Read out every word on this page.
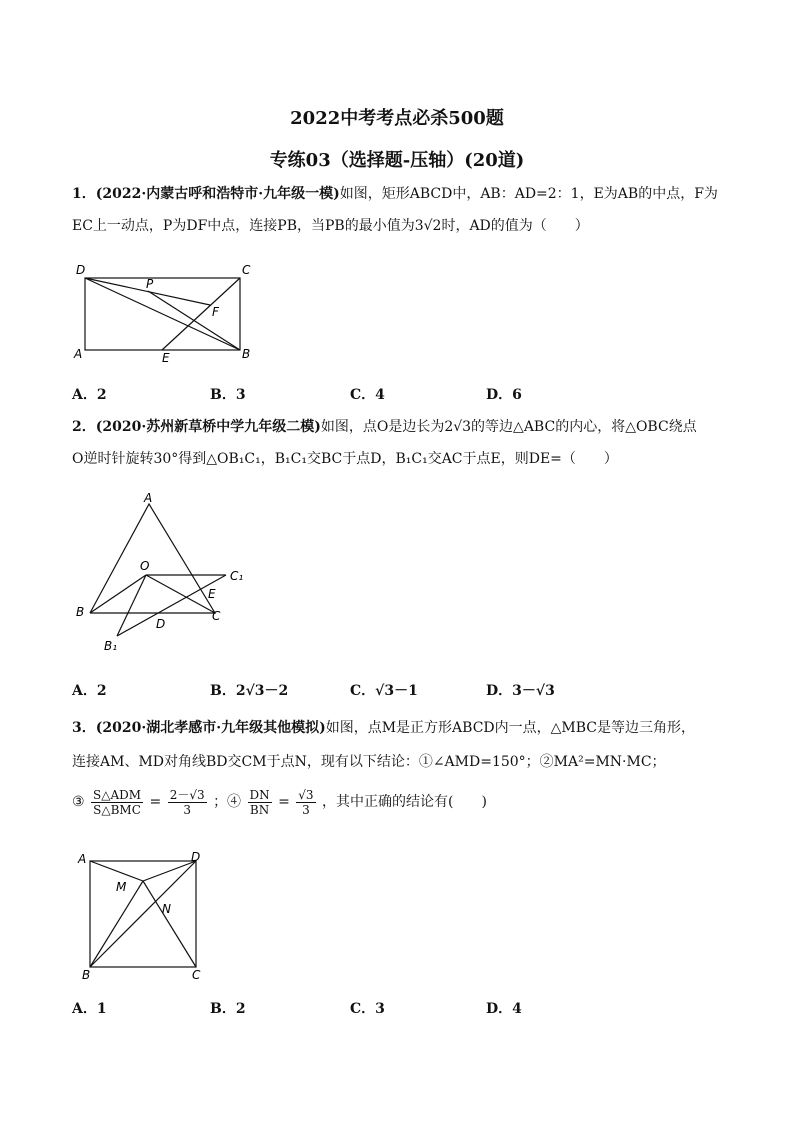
2022中考考点必杀500题
专练03（选择题-压轴）(20道)
1．(2022·内蒙古呼和浩特市·九年级一模)如图，矩形ABCD中，AB：AD=2：1，E为AB的中点，F为
EC上一动点，P为DF中点，连接PB，当PB的最小值为3√2时，AD的值为（　　）
D	C
P
F
A	E	B
A．2	B．3	C．4	D．6
2．(2020·苏州新草桥中学九年级二模)如图，点O是边长为2√3的等边△ABC的内心，将△OBC绕点
O逆时针旋转30°得到△OB₁C₁，B₁C₁交BC于点D，B₁C₁交AC于点E，则DE=（　　）
A
O
C₁
E
B	C
D
B₁
A．2	B．2√3－2	C．√3－1	D．3－√3
3．(2020·湖北孝感市·九年级其他模拟)如图，点M是正方形ABCD内一点，△MBC是等边三角形，
连接AM、MD对角线BD交CM于点N，现有以下结论：①∠AMD=150°；②MA²=MN·MC；
③ $\frac{\text{S△ADM}}{\text{S△BMC}} = \frac{2-√3}{3}$ ；④ $\frac{DN}{BN} = \frac{√3}{3}$ ，其中正确的结论有(　　)
A	D
M
N
B	C
A．1	B．2	C．3	D．4
